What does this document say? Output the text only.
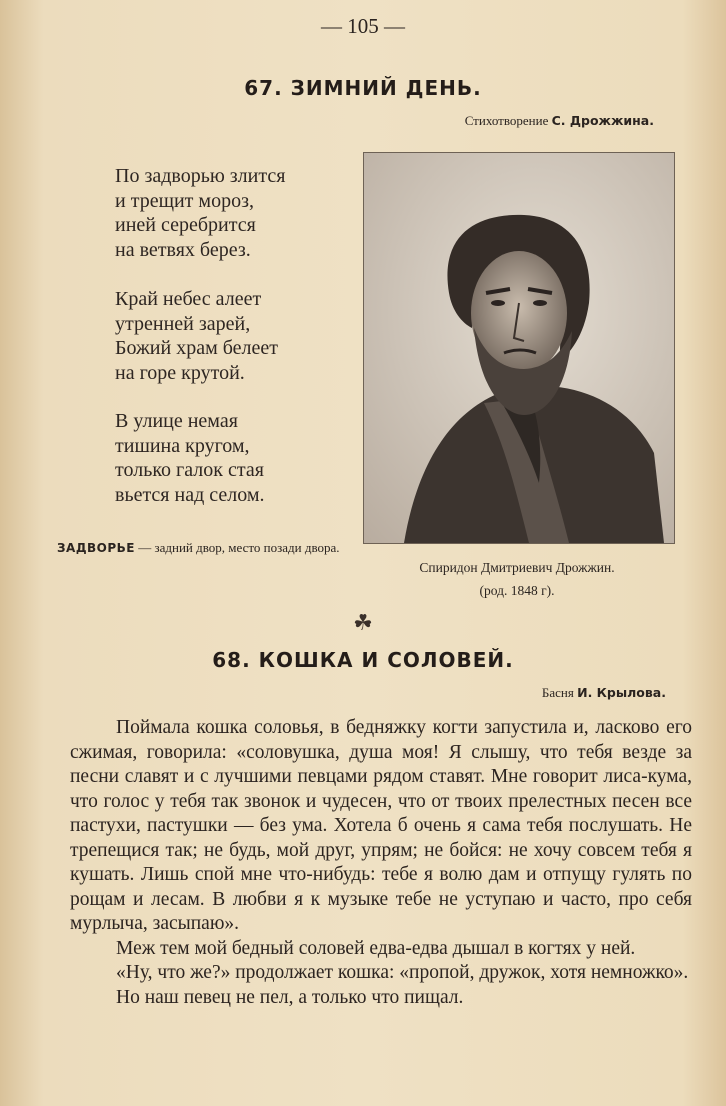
— 105 —
67. ЗИМНИЙ ДЕНЬ.
Стихотворение С. Дрожжина.
По задворью злится
и трещит мороз,
иней серебрится
на ветвях берез.
Край небес алеет
утренней зарей,
Божий храм белеет
на горе крутой.
В улице немая
тишина кругом,
только галок стая
вьется над селом.
ЗАДВОРЬЕ — задний двор, место позади двора.
Спиридон Дмитриевич Дрожжин.
(род. 1848 г).
☘
68. КОШКА И СОЛОВЕЙ.
Басня И. Крылова.

Поймала кошка соловья, в бедняжку когти запустила и, ласково его сжимая, говорила: «соловушка, душа моя! Я слышу, что тебя везде за песни славят и с лучшими певцами рядом ставят. Мне говорит лиса-кума, что голос у тебя так звонок и чудесен, что от твоих прелестных песен все пастухи, пастушки — без ума. Хотела б очень я сама тебя послушать. Не трепещися так; не будь, мой друг, упрям; не бойся: не хочу совсем тебя я кушать. Лишь спой мне что-нибудь: тебе я волю дам и отпущу гулять по рощам и лесам. В любви я к музыке тебе не уступаю и часто, про себя мурлыча, засыпаю».

Меж тем мой бедный соловей едва-едва дышал в когтях у ней.

«Ну, что же?» продолжает кошка: «пропой, дружок, хотя немножко».

Но наш певец не пел, а только что пищал.
